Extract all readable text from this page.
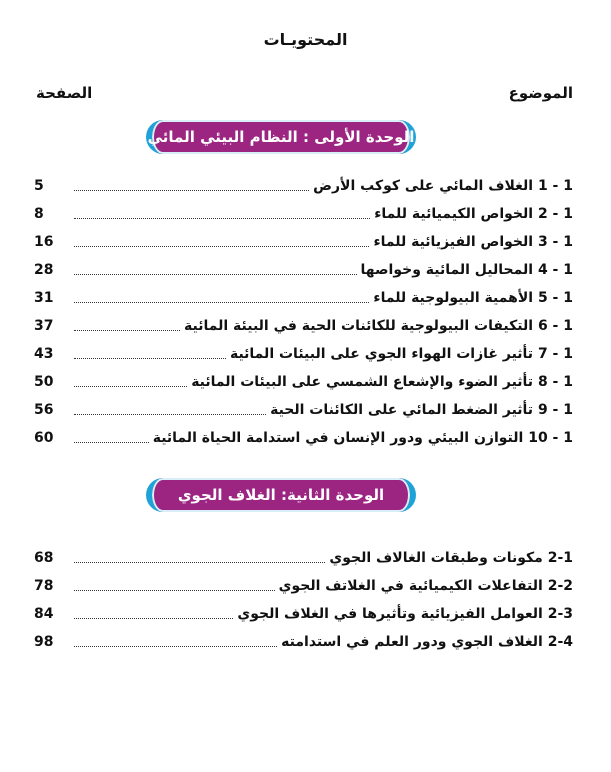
المحتويـات
الموضوع
الصفحة
الوحدة الأولى : النظام البيئي المائي
1 - 1 الغلاف المائي على كوكب الأرض
5
1 - 2 الخواص الكيميائية للماء
8
1 - 3 الخواص الفيزيائية للماء
16
1 - 4 المحاليل المائية وخواصها
28
1 - 5 الأهمية البيولوجية للماء
31
1 - 6 التكيفات البيولوجية للكائنات الحية في البيئة المائية
37
1 - 7 تأثير غازات الهواء الجوي على البيئات المائية
43
1 - 8 تأثير الضوء والإشعاع الشمسي على البيئات المائية
50
1 - 9 تأثير الضغط المائي على الكائنات الحية
56
1 - 10 التوازن البيئي ودور الإنسان في استدامة الحياة المائية
60
الوحدة الثانية: الغلاف الجوي
2-1 مكونات وطبقات الغالاف الجوي
68
2-2 التفاعلات الكيميائية في الغلاتف الجوي
78
2-3 العوامل الفيزيائية وتأثيرها في الغلاف الجوي
84
2-4 الغلاف الجوي ودور العلم في استدامته
98
